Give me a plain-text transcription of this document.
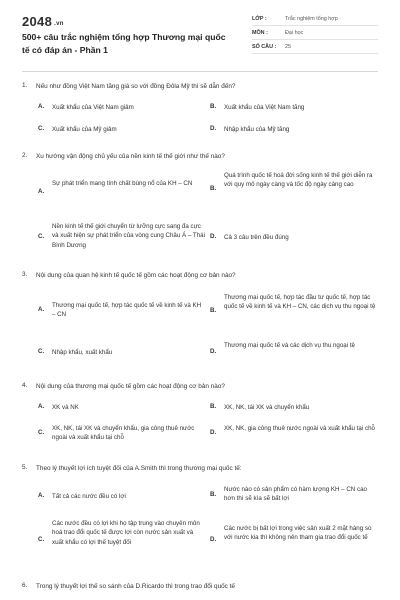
2048 .vn
500+ câu trắc nghiệm tổng hợp Thương mại quốc tế có đáp án - Phần 1
LỚP :	Trắc nghiệm tổng hợp
MÔN :	Đại học
SỐ CÂU :	25
1.	Nếu như đồng Việt Nam tăng giá so với đồng Đôla Mỹ thì sẽ dẫn đến?
A. Xuất khẩu của Việt Nam giảm	B. Xuất khẩu của Việt Nam tăng
C. Xuất khẩu của Mỹ giảm	D. Nhập khẩu của Mỹ tăng
2.	Xu hướng vận động chủ yếu của nền kinh tế thế giới như thế nào?
A.
Sự phát triển mang tính chất bùng nổ của KH – CN
B.
Quá trình quốc tế hoá đời sống kinh tế thế giới diễn ra với quy mô ngày càng và tốc độ ngày càng cao
C.
Nền kinh tế thế giới chuyển từ lưỡng cực sang đa cực và xuất hiện sự phát triển của vòng cung Châu Á – Thái Bình Dương
D. Cả 3 câu trên đều đúng
3.	Nội dung của quan hệ kinh tế quốc tế gồm các hoạt động cơ bản nào?
A.
Thương mại quốc tế, hợp tác quốc tế về kinh tế và KH – CN
B.
Thương mại quốc tế, hợp tác đầu tư quốc tế, hợp tác quốc tế về kinh tế và KH – CN, các dịch vụ thu ngoại tệ
C. Nhập khẩu, xuất khẩu	D.
Thương mại quốc tế và các dịch vụ thu ngoại tệ
4.	Nội dung của thương mại quốc tế gồm các hoạt động cơ bản nào?
A. XK và NK	B. XK, NK, tái XK và chuyển khẩu
C.
XK, NK, tái XK và chuyển khẩu, gia công thuê nước ngoài và xuất khẩu tại chỗ
D.
XK, NK, gia công thuê nước ngoài và xuất khẩu tại chỗ
5.	Theo lý thuyết lợi ích tuyệt đối của A.Smith thì trong thương mại quốc tế:
A. Tất cả các nước đều có lợi	B.
Nước nào có sản phẩm có hàm lượng KH – CN cao hơn thì sẽ kìa sẽ bất lợi
C.
Các nước đều có lợi khi họ tập trung vào chuyên môn hoá trao đổi quốc tế được lợi còn nước sản xuất và xuất khẩu có lợi thế tuyệt đối	D.
Các nước bị bất lợi trong việc sản xuất 2 mặt hàng so với nước kia thì không nên tham gia trao đổi quốc tế
6.	Trong lý thuyết lợi thế so sánh của D.Ricardo thì trong trao đổi quốc tế
